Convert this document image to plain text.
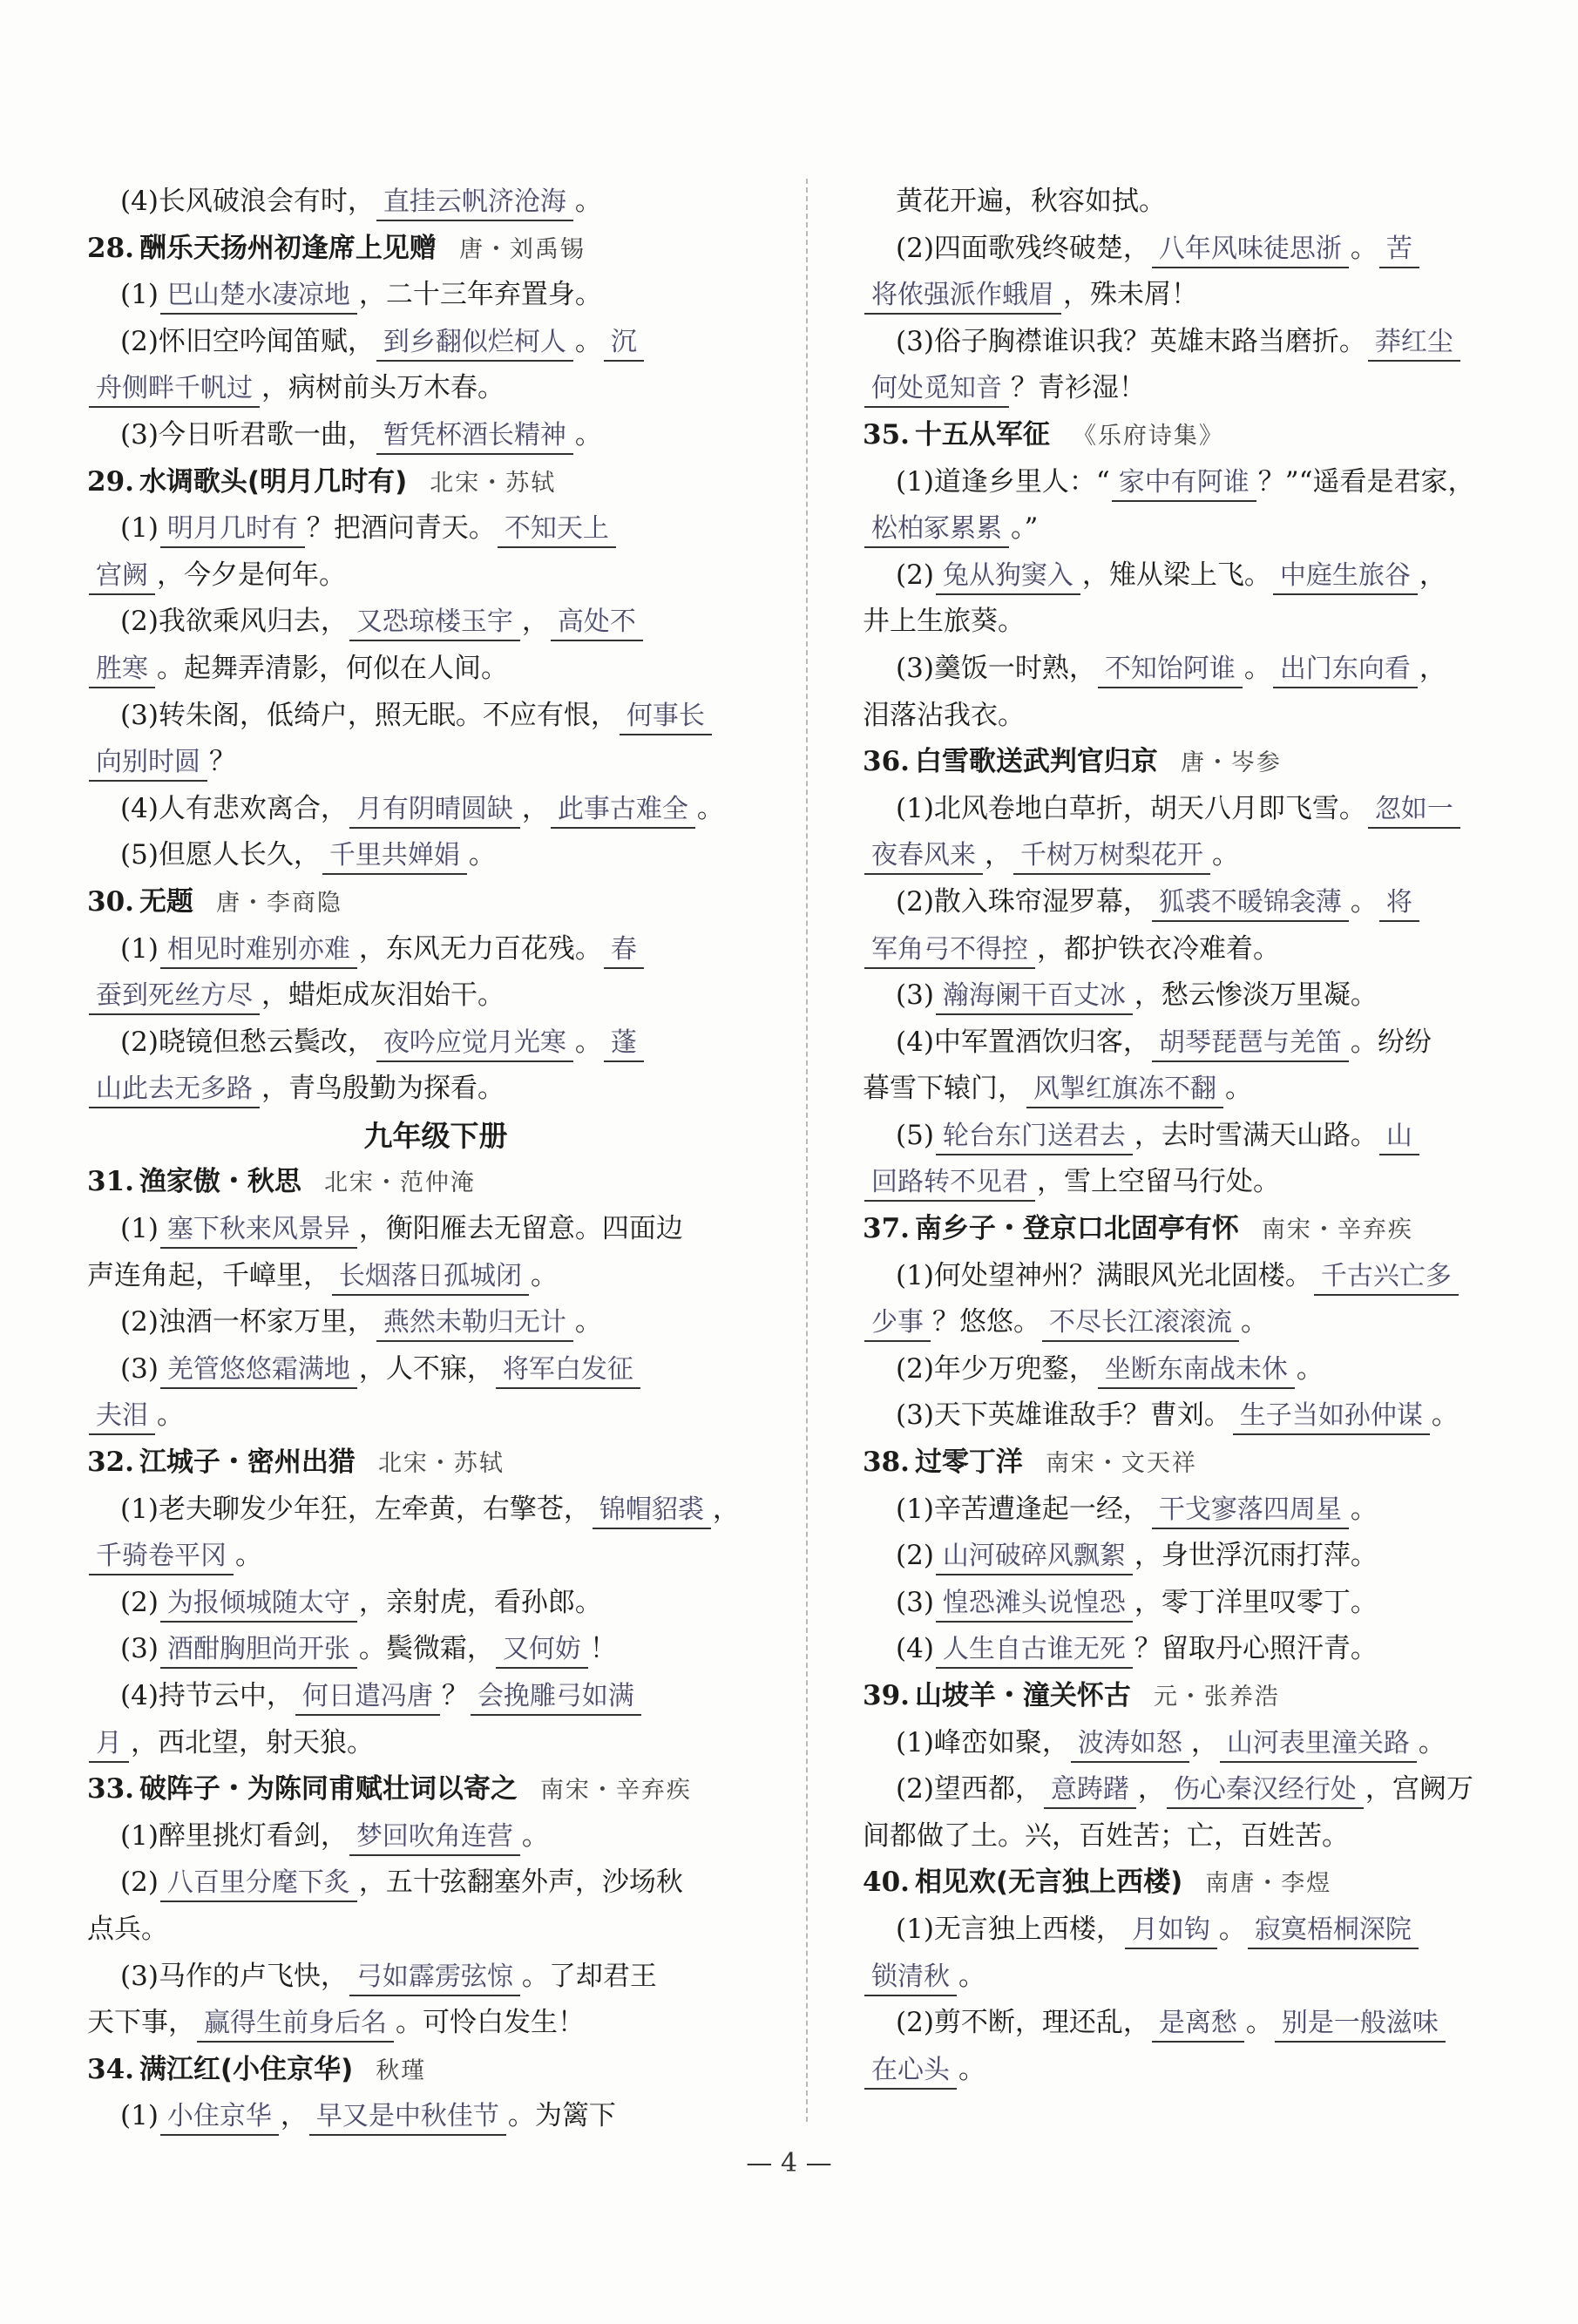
(4)长风破浪会有时， 直挂云帆济沧海 。
28. 酬乐天扬州初逢席上见赠 唐・刘禹锡
(1) 巴山楚水凄凉地 ，二十三年弃置身。
(2)怀旧空吟闻笛赋， 到乡翻似烂柯人 。 沉
舟侧畔千帆过 ，病树前头万木春。
(3)今日听君歌一曲， 暂凭杯酒长精神 。
29. 水调歌头(明月几时有) 北宋・苏轼
(1) 明月几时有 ？把酒问青天。 不知天上
宫阙 ，今夕是何年。
(2)我欲乘风归去， 又恐琼楼玉宇 ， 高处不
胜寒 。起舞弄清影，何似在人间。
(3)转朱阁，低绮户，照无眠。不应有恨， 何事长
向别时圆 ？
(4)人有悲欢离合， 月有阴晴圆缺 ， 此事古难全 。
(5)但愿人长久， 千里共婵娟 。
30. 无题 唐・李商隐
(1) 相见时难别亦难 ，东风无力百花残。 春
蚕到死丝方尽 ，蜡炬成灰泪始干。
(2)晓镜但愁云鬓改， 夜吟应觉月光寒 。 蓬
山此去无多路 ，青鸟殷勤为探看。
九年级下册
31. 渔家傲・秋思 北宋・范仲淹
(1) 塞下秋来风景异 ，衡阳雁去无留意。四面边
声连角起，千嶂里， 长烟落日孤城闭 。
(2)浊酒一杯家万里， 燕然未勒归无计 。
(3) 羌管悠悠霜满地 ，人不寐， 将军白发征
夫泪 。
32. 江城子・密州出猎 北宋・苏轼
(1)老夫聊发少年狂，左牵黄，右擎苍， 锦帽貂裘 ，
千骑卷平冈 。
(2) 为报倾城随太守 ，亲射虎，看孙郎。
(3) 酒酣胸胆尚开张 。鬓微霜， 又何妨 ！
(4)持节云中， 何日遣冯唐 ？ 会挽雕弓如满
月 ，西北望，射天狼。
33. 破阵子・为陈同甫赋壮词以寄之 南宋・辛弃疾
(1)醉里挑灯看剑， 梦回吹角连营 。
(2) 八百里分麾下炙 ，五十弦翻塞外声，沙场秋
点兵。
(3)马作的卢飞快， 弓如霹雳弦惊 。了却君王
天下事， 赢得生前身后名 。可怜白发生！
34. 满江红(小住京华) 秋瑾
(1) 小住京华 ， 早又是中秋佳节 。为篱下
黄花开遍，秋容如拭。
(2)四面歌残终破楚， 八年风味徒思浙 。 苦
将侬强派作蛾眉 ，殊未屑！
(3)俗子胸襟谁识我？英雄末路当磨折。 莽红尘
何处觅知音 ？青衫湿！
35. 十五从军征 《乐府诗集》
(1)道逢乡里人：“ 家中有阿谁 ？”“遥看是君家，
松柏冢累累 。”
(2) 兔从狗窦入 ，雉从梁上飞。 中庭生旅谷 ，
井上生旅葵。
(3)羹饭一时熟， 不知饴阿谁 。 出门东向看 ，
泪落沾我衣。
36. 白雪歌送武判官归京 唐・岑参
(1)北风卷地白草折，胡天八月即飞雪。 忽如一
夜春风来 ， 千树万树梨花开 。
(2)散入珠帘湿罗幕， 狐裘不暖锦衾薄 。 将
军角弓不得控 ，都护铁衣冷难着。
(3) 瀚海阑干百丈冰 ，愁云惨淡万里凝。
(4)中军置酒饮归客， 胡琴琵琶与羌笛 。纷纷
暮雪下辕门， 风掣红旗冻不翻 。
(5) 轮台东门送君去 ，去时雪满天山路。 山
回路转不见君 ，雪上空留马行处。
37. 南乡子・登京口北固亭有怀 南宋・辛弃疾
(1)何处望神州？满眼风光北固楼。 千古兴亡多
少事 ？悠悠。 不尽长江滚滚流 。
(2)年少万兜鍪， 坐断东南战未休 。
(3)天下英雄谁敌手？曹刘。 生子当如孙仲谋 。
38. 过零丁洋 南宋・文天祥
(1)辛苦遭逢起一经， 干戈寥落四周星 。
(2) 山河破碎风飘絮 ，身世浮沉雨打萍。
(3) 惶恐滩头说惶恐 ，零丁洋里叹零丁。
(4) 人生自古谁无死 ？留取丹心照汗青。
39. 山坡羊・潼关怀古 元・张养浩
(1)峰峦如聚， 波涛如怒 ， 山河表里潼关路 。
(2)望西都， 意踌躇 ， 伤心秦汉经行处 ，宫阙万
间都做了土。兴，百姓苦；亡，百姓苦。
40. 相见欢(无言独上西楼) 南唐・李煜
(1)无言独上西楼， 月如钩 。 寂寞梧桐深院
锁清秋 。
(2)剪不断，理还乱， 是离愁 。 别是一般滋味
在心头 。
— 4 —
